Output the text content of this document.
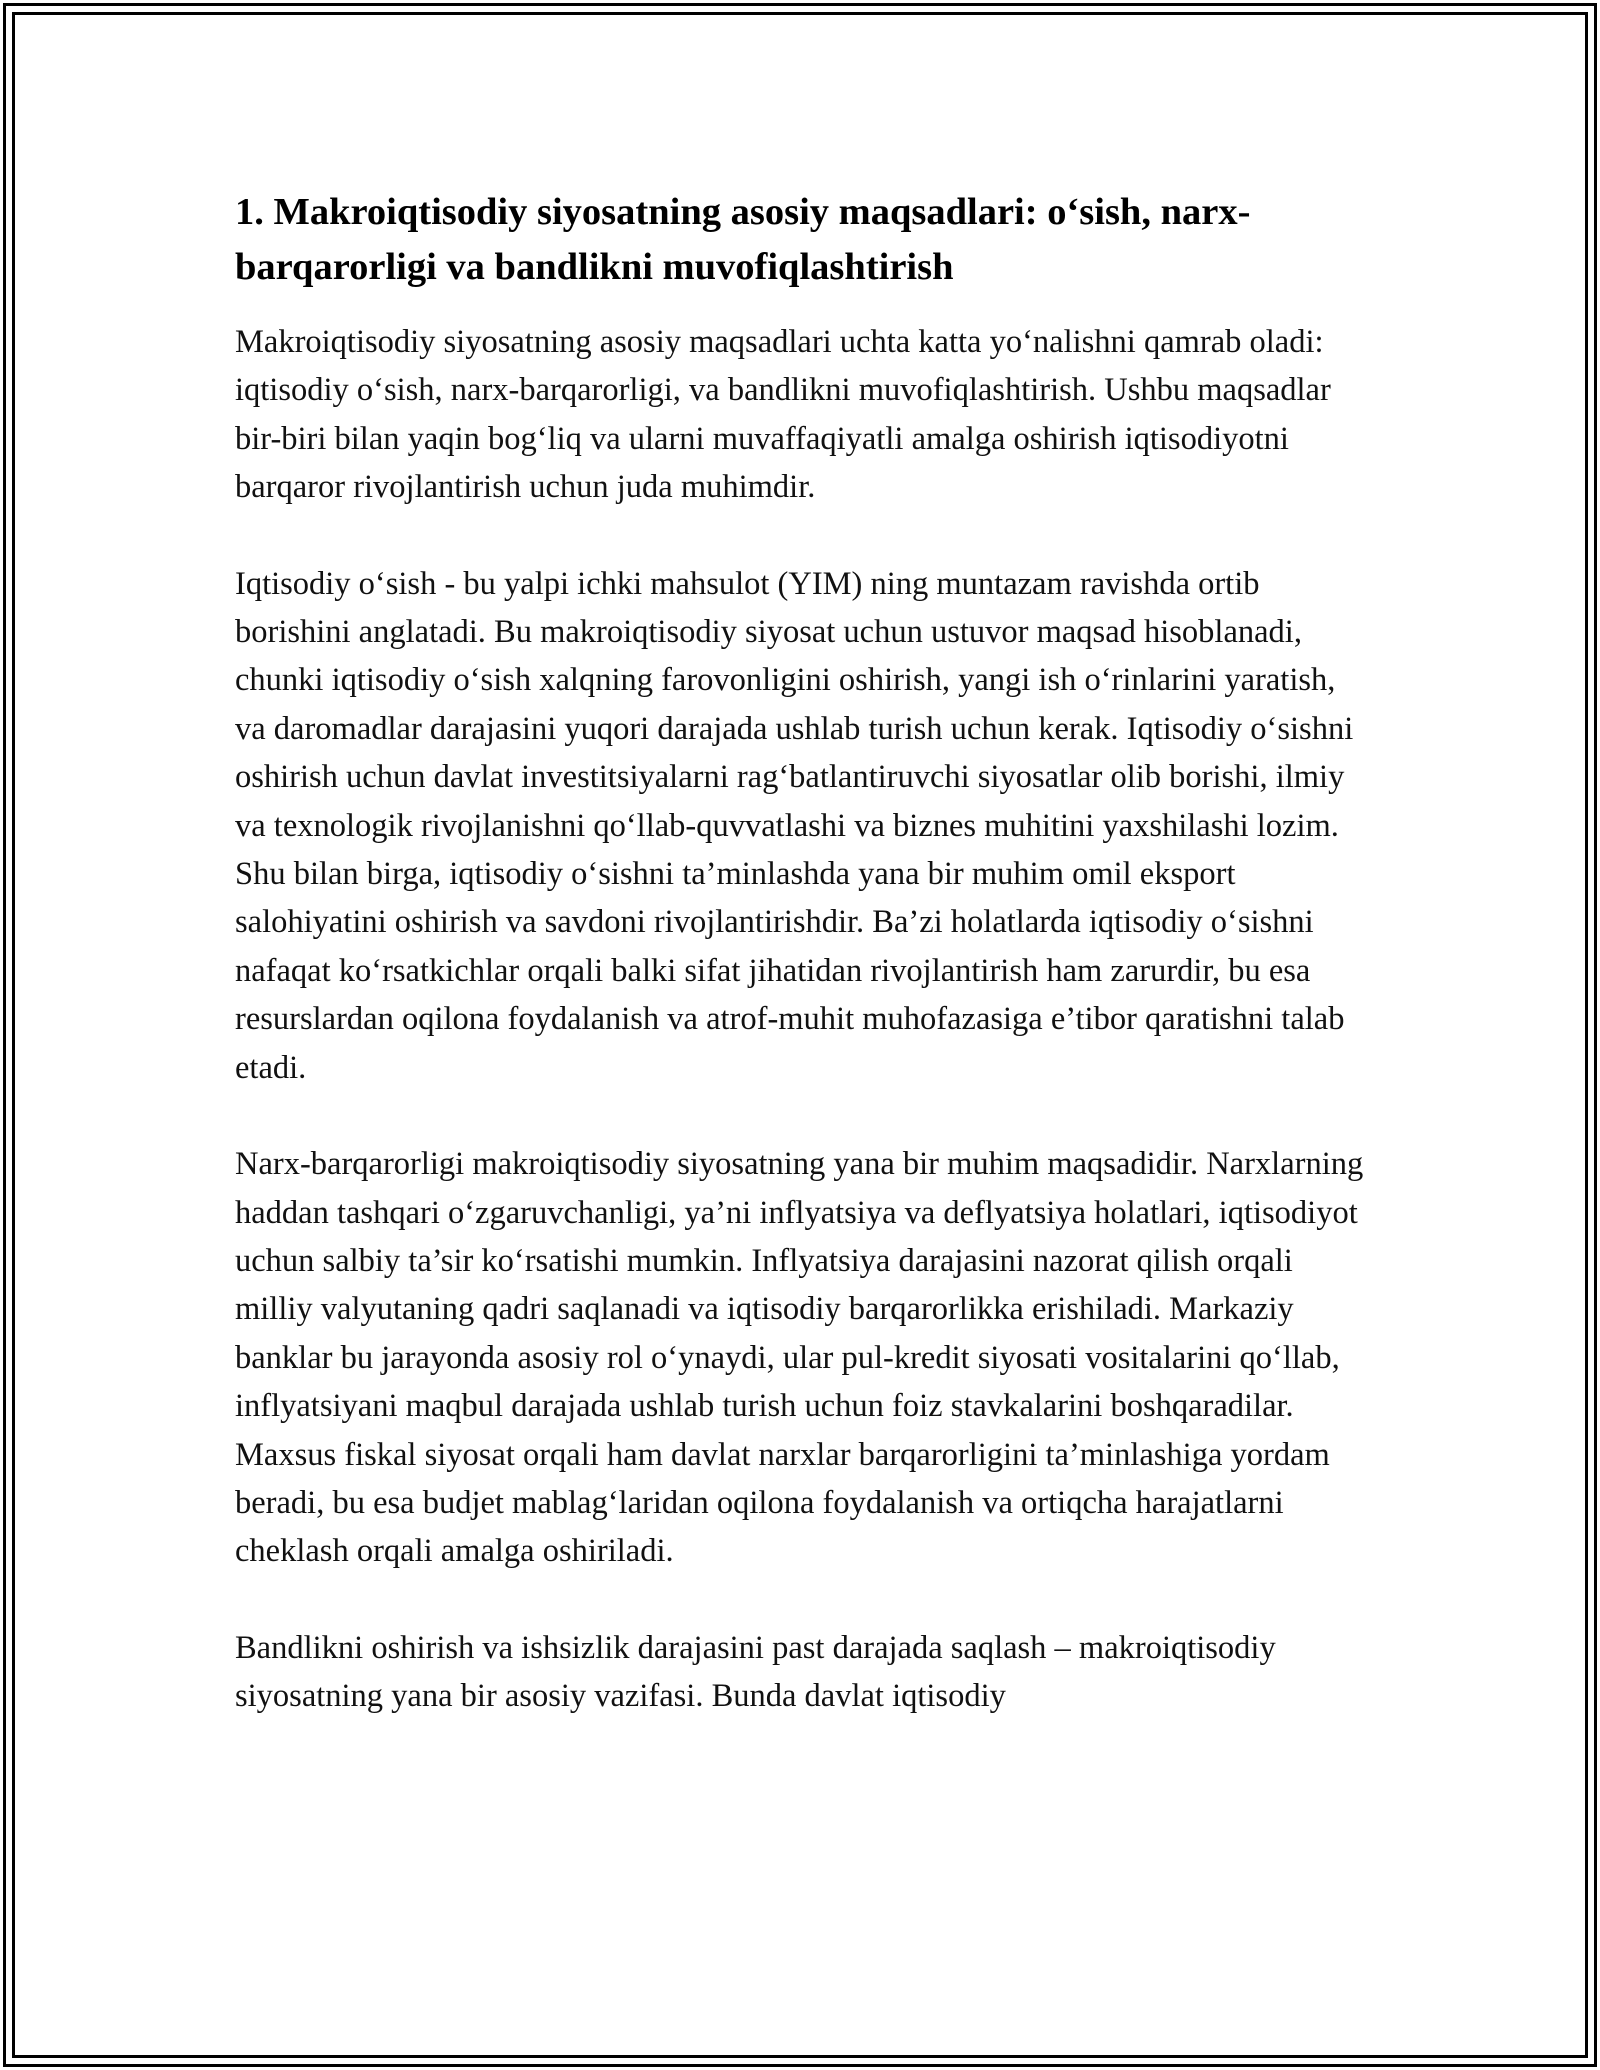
1. Makroiqtisodiy siyosatning asosiy maqsadlari: o‘sish, narx-barqarorligi va bandlikni muvofiqlashtirish

Makroiqtisodiy siyosatning asosiy maqsadlari uchta katta yo‘nalishni qamrab oladi: iqtisodiy o‘sish, narx-barqarorligi, va bandlikni muvofiqlashtirish. Ushbu maqsadlar bir-biri bilan yaqin bog‘liq va ularni muvaffaqiyatli amalga oshirish iqtisodiyotni barqaror rivojlantirish uchun juda muhimdir.

Iqtisodiy o‘sish - bu yalpi ichki mahsulot (YIM) ning muntazam ravishda ortib borishini anglatadi. Bu makroiqtisodiy siyosat uchun ustuvor maqsad hisoblanadi, chunki iqtisodiy o‘sish xalqning farovonligini oshirish, yangi ish o‘rinlarini yaratish, va daromadlar darajasini yuqori darajada ushlab turish uchun kerak. Iqtisodiy o‘sishni oshirish uchun davlat investitsiyalarni rag‘batlantiruvchi siyosatlar olib borishi, ilmiy va texnologik rivojlanishni qo‘llab-quvvatlashi va biznes muhitini yaxshilashi lozim. Shu bilan birga, iqtisodiy o‘sishni ta’minlashda yana bir muhim omil eksport salohiyatini oshirish va savdoni rivojlantirishdir. Ba’zi holatlarda iqtisodiy o‘sishni nafaqat ko‘rsatkichlar orqali balki sifat jihatidan rivojlantirish ham zarurdir, bu esa resurslardan oqilona foydalanish va atrof-muhit muhofazasiga e’tibor qaratishni talab etadi.

Narx-barqarorligi makroiqtisodiy siyosatning yana bir muhim maqsadidir. Narxlarning haddan tashqari o‘zgaruvchanligi, ya’ni inflyatsiya va deflyatsiya holatlari, iqtisodiyot uchun salbiy ta’sir ko‘rsatishi mumkin. Inflyatsiya darajasini nazorat qilish orqali milliy valyutaning qadri saqlanadi va iqtisodiy barqarorlikka erishiladi. Markaziy banklar bu jarayonda asosiy rol o‘ynaydi, ular pul-kredit siyosati vositalarini qo‘llab, inflyatsiyani maqbul darajada ushlab turish uchun foiz stavkalarini boshqaradilar. Maxsus fiskal siyosat orqali ham davlat narxlar barqarorligini ta’minlashiga yordam beradi, bu esa budjet mablag‘laridan oqilona foydalanish va ortiqcha harajatlarni cheklash orqali amalga oshiriladi.

Bandlikni oshirish va ishsizlik darajasini past darajada saqlash – makroiqtisodiy siyosatning yana bir asosiy vazifasi. Bunda davlat iqtisodiy
